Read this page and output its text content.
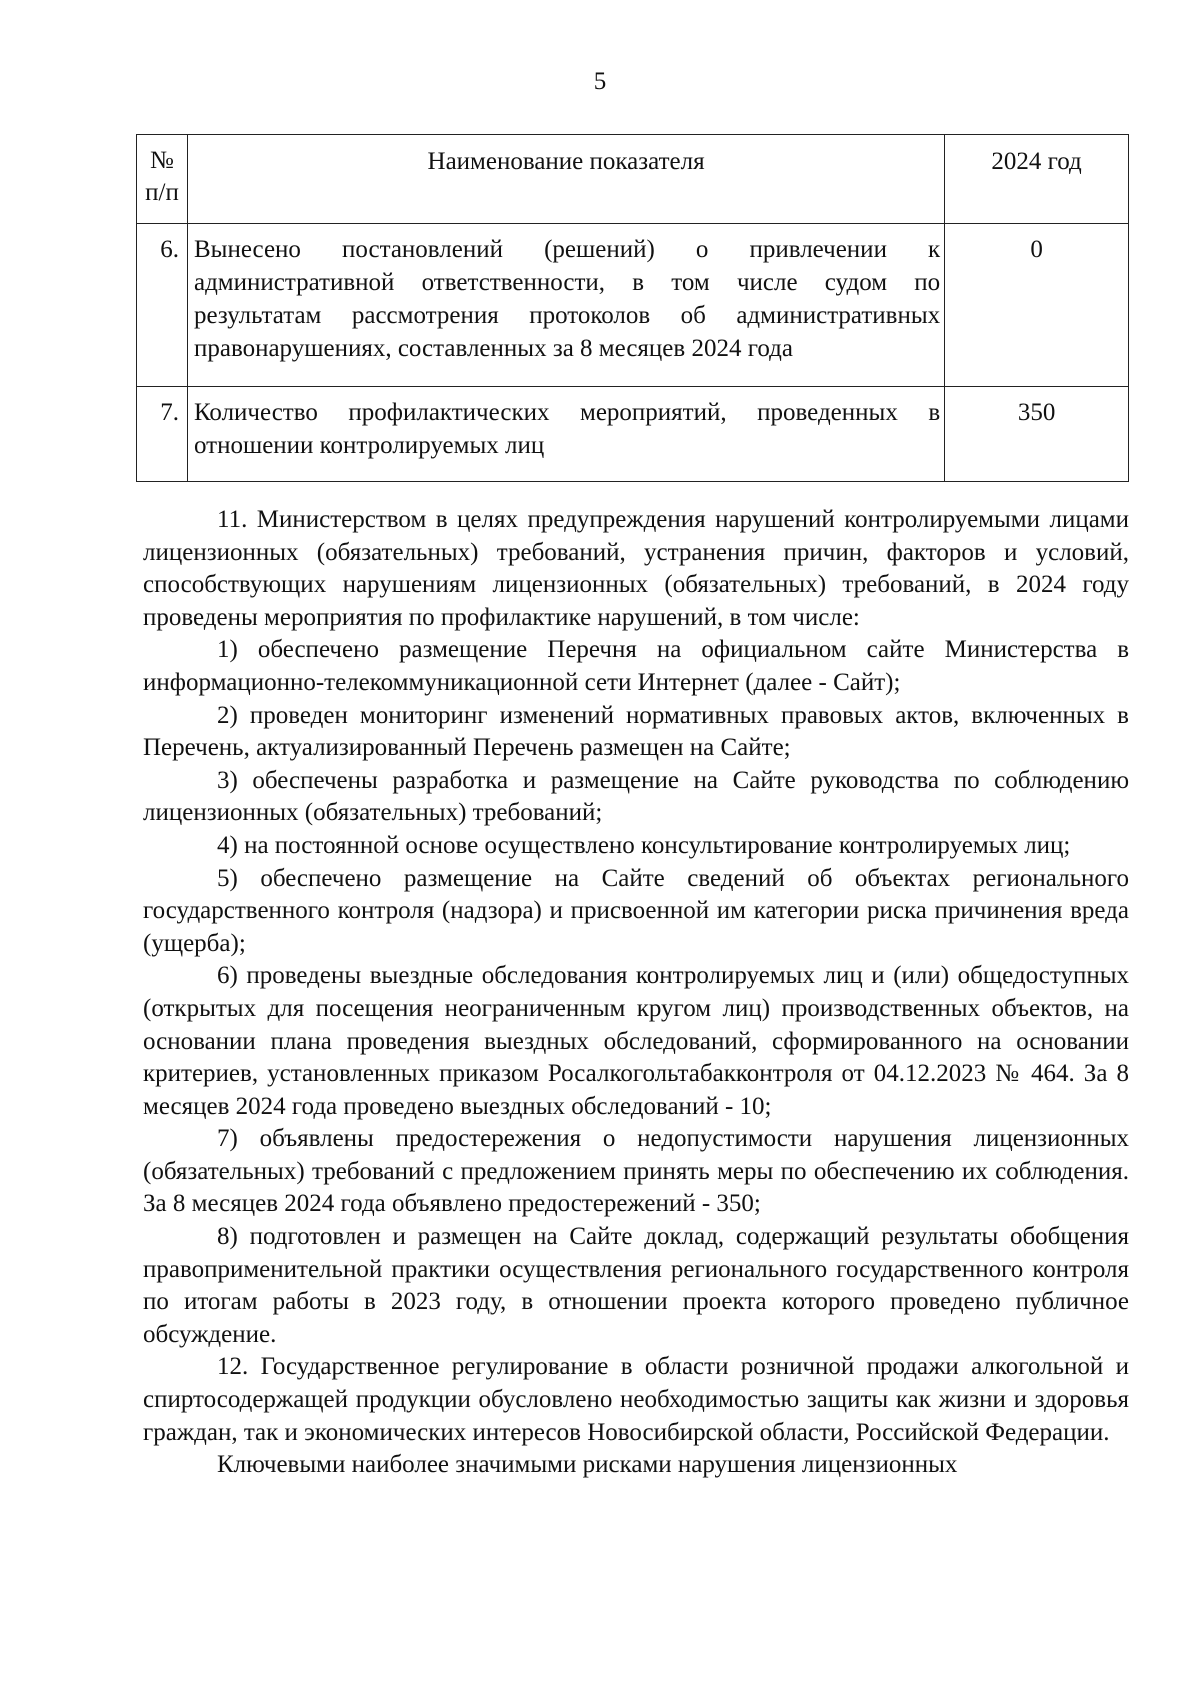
5
№ п/п	Наименование показателя	2024 год
6.	Вынесено постановлений (решений) о привлечении к административной ответственности, в том числе судом по результатам рассмотрения протоколов об административных правонарушениях, составленных за 8 месяцев 2024 года	0
7.	Количество профилактических мероприятий, проведенных в отношении контролируемых лиц	350

11. Министерством в целях предупреждения нарушений контролируемыми лицами лицензионных (обязательных) требований, устранения причин, факторов и условий, способствующих нарушениям лицензионных (обязательных) требований, в 2024 году проведены мероприятия по профилактике нарушений, в том числе:

1) обеспечено размещение Перечня на официальном сайте Министерства в информационно-телекоммуникационной сети Интернет (далее - Сайт);

2) проведен мониторинг изменений нормативных правовых актов, включенных в Перечень, актуализированный Перечень размещен на Сайте;

3) обеспечены разработка и размещение на Сайте руководства по соблюдению лицензионных (обязательных) требований;

4) на постоянной основе осуществлено консультирование контролируемых лиц;

5) обеспечено размещение на Сайте сведений об объектах регионального государственного контроля (надзора) и присвоенной им категории риска причинения вреда (ущерба);

6) проведены выездные обследования контролируемых лиц и (или) общедоступных (открытых для посещения неограниченным кругом лиц) производственных объектов, на основании плана проведения выездных обследований, сформированного на основании критериев, установленных приказом Росалкогольтабакконтроля от 04.12.2023 № 464. За 8 месяцев 2024 года проведено выездных обследований - 10;

7) объявлены предостережения о недопустимости нарушения лицензионных (обязательных) требований с предложением принять меры по обеспечению их соблюдения. За 8 месяцев 2024 года объявлено предостережений - 350;

8) подготовлен и размещен на Сайте доклад, содержащий результаты обобщения правоприменительной практики осуществления регионального государственного контроля по итогам работы в 2023 году, в отношении проекта которого проведено публичное обсуждение.

12. Государственное регулирование в области розничной продажи алкогольной и спиртосодержащей продукции обусловлено необходимостью защиты как жизни и здоровья граждан, так и экономических интересов Новосибирской области, Российской Федерации.

Ключевыми наиболее значимыми рисками нарушения лицензионных
